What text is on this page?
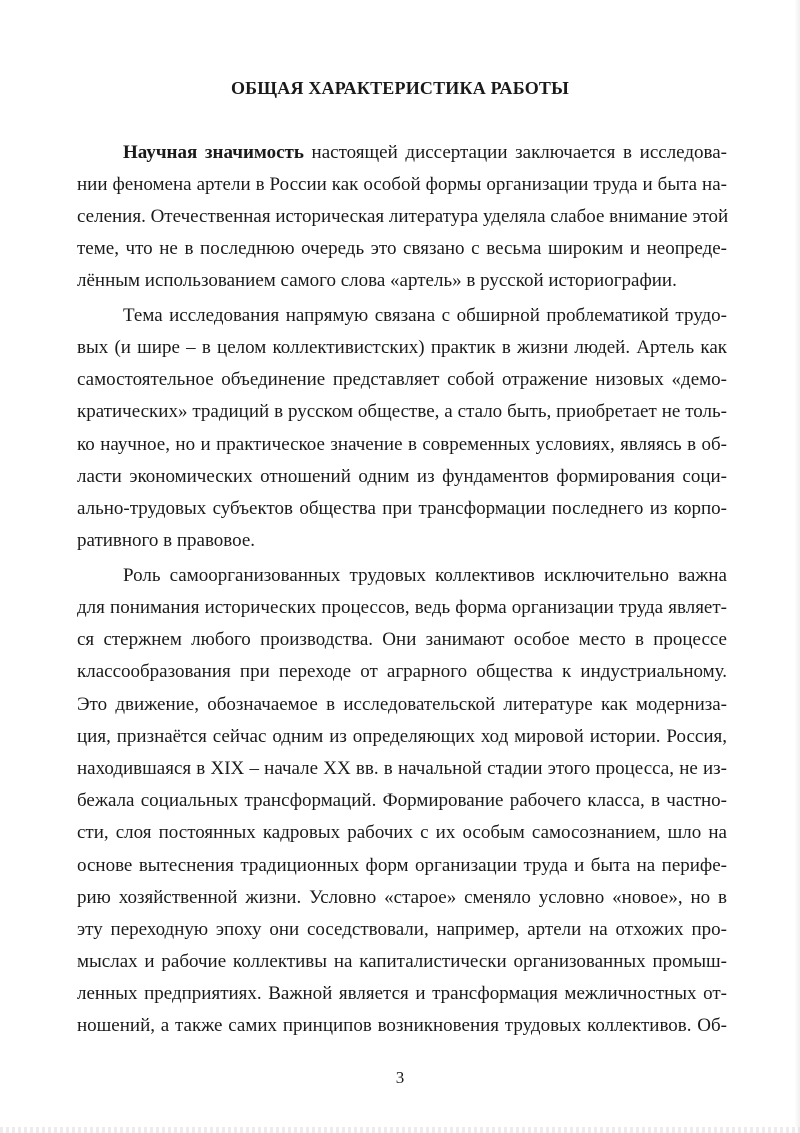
ОБЩАЯ ХАРАКТЕРИСТИКА РАБОТЫ
Научная значимость настоящей диссертации заключается в исследова-
нии феномена артели в России как особой формы организации труда и быта на-
селения. Отечественная историческая литература уделяла слабое внимание этой
теме, что не в последнюю очередь это связано с весьма широким и неопреде-
лённым использованием самого слова «артель» в русской историографии.
Тема исследования напрямую связана с обширной проблематикой трудо-
вых (и шире – в целом коллективистских) практик в жизни людей. Артель как
самостоятельное объединение представляет собой отражение низовых «демо-
кратических» традиций в русском обществе, а стало быть, приобретает не толь-
ко научное, но и практическое значение в современных условиях, являясь в об-
ласти экономических отношений одним из фундаментов формирования соци-
ально-трудовых субъектов общества при трансформации последнего из корпо-
ративного в правовое.
Роль самоорганизованных трудовых коллективов исключительно важна
для понимания исторических процессов, ведь форма организации труда являет-
ся стержнем любого производства. Они занимают особое место в процессе
классообразования при переходе от аграрного общества к индустриальному.
Это движение, обозначаемое в исследовательской литературе как модерниза-
ция, признаётся сейчас одним из определяющих ход мировой истории. Россия,
находившаяся в XIX – начале XX вв. в начальной стадии этого процесса, не из-
бежала социальных трансформаций. Формирование рабочего класса, в частно-
сти, слоя постоянных кадровых рабочих с их особым самосознанием, шло на
основе вытеснения традиционных форм организации труда и быта на перифе-
рию хозяйственной жизни. Условно «старое» сменяло условно «новое», но в
эту переходную эпоху они соседствовали, например, артели на отхожих про-
мыслах и рабочие коллективы на капиталистически организованных промыш-
ленных предприятиях. Важной является и трансформация межличностных от-
ношений, а также самих принципов возникновения трудовых коллективов. Об-
3
